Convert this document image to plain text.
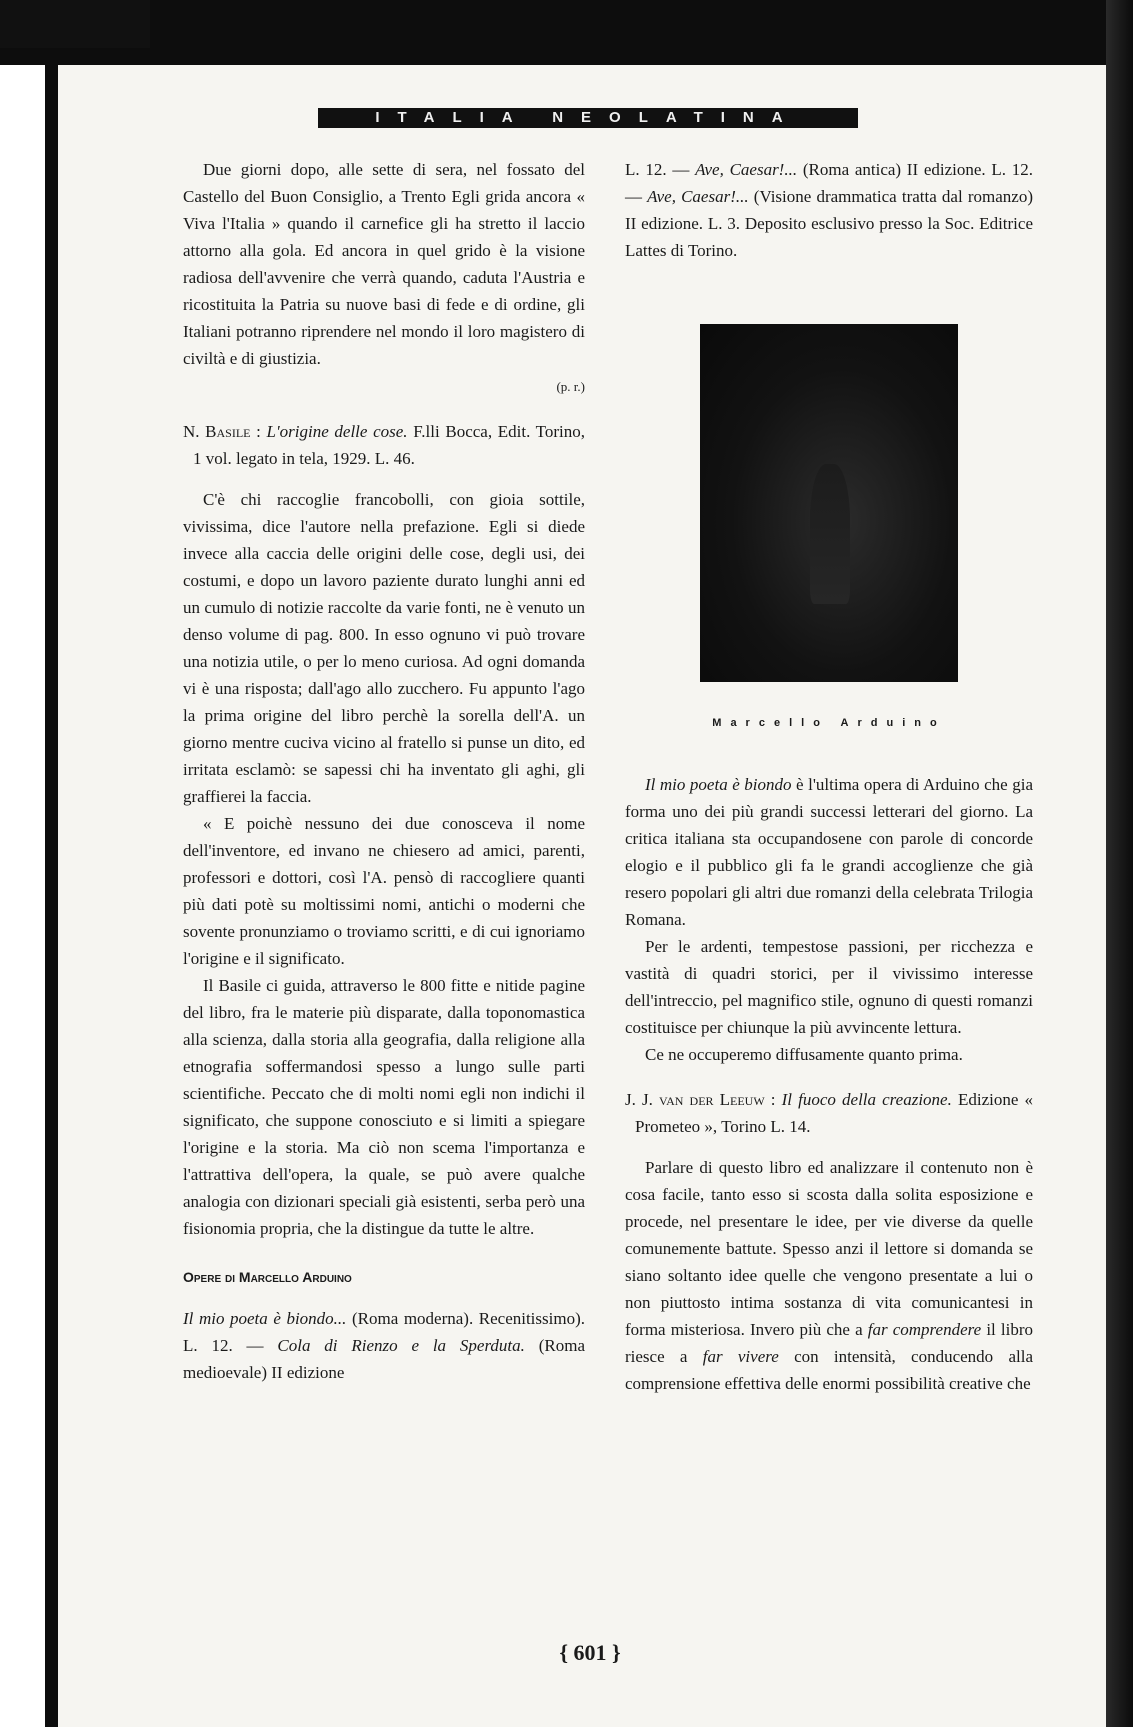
ITALIA NEOLATINA

Due giorni dopo, alle sette di sera, nel fossato del Castello del Buon Consiglio, a Trento Egli grida ancora « Viva l'Italia » quando il carnefice gli ha stretto il laccio attorno alla gola. Ed ancora in quel grido è la visione radiosa dell'avvenire che verrà quando, caduta l'Austria e ricostituita la Patria su nuove basi di fede e di ordine, gli Italiani potranno riprendere nel mondo il loro magistero di civiltà e di giustizia.

(p. r.)

N. Basile : L'origine delle cose. F.lli Bocca, Edit. Torino, 1 vol. legato in tela, 1929. L. 46.

C'è chi raccoglie francobolli, con gioia sottile, vivissima, dice l'autore nella prefazione. Egli si diede invece alla caccia delle origini delle cose, degli usi, dei costumi, e dopo un lavoro paziente durato lunghi anni ed un cumulo di notizie raccolte da varie fonti, ne è venuto un denso volume di pag. 800. In esso ognuno vi può trovare una notizia utile, o per lo meno curiosa. Ad ogni domanda vi è una risposta; dall'ago allo zucchero. Fu appunto l'ago la prima origine del libro perchè la sorella dell'A. un giorno mentre cuciva vicino al fratello si punse un dito, ed irritata esclamò: se sapessi chi ha inventato gli aghi, gli graffierei la faccia.

« E poichè nessuno dei due conosceva il nome dell'inventore, ed invano ne chiesero ad amici, parenti, professori e dottori, così l'A. pensò di raccogliere quanti più dati potè su moltissimi nomi, antichi o moderni che sovente pronunziamo o troviamo scritti, e di cui ignoriamo l'origine e il significato.

Il Basile ci guida, attraverso le 800 fitte e nitide pagine del libro, fra le materie più disparate, dalla toponomastica alla scienza, dalla storia alla geografia, dalla religione alla etnografia soffermandosi spesso a lungo sulle parti scientifiche. Peccato che di molti nomi egli non indichi il significato, che suppone conosciuto e si limiti a spiegare l'origine e la storia. Ma ciò non scema l'importanza e l'attrattiva dell'opera, la quale, se può avere qualche analogia con dizionari speciali già esistenti, serba però una fisionomia propria, che la distingue da tutte le altre.

Opere di Marcello Arduino

Il mio poeta è biondo... (Roma moderna). Recenitissimo). L. 12. — Cola di Rienzo e la Sperduta. (Roma medioevale) II edizione

L. 12. — Ave, Caesar!... (Roma antica) II edizione. L. 12. — Ave, Caesar!... (Visione drammatica tratta dal romanzo) II edizione. L. 3. Deposito esclusivo presso la Soc. Editrice Lattes di Torino.

Marcello Arduino

Il mio poeta è biondo è l'ultima opera di Arduino che gia forma uno dei più grandi successi letterari del giorno. La critica italiana sta occupandosene con parole di concorde elogio e il pubblico gli fa le grandi accoglienze che già resero popolari gli altri due romanzi della celebrata Trilogia Romana.

Per le ardenti, tempestose passioni, per ricchezza e vastità di quadri storici, per il vivissimo interesse dell'intreccio, pel magnifico stile, ognuno di questi romanzi costituisce per chiunque la più avvincente lettura.

Ce ne occuperemo diffusamente quanto prima.

J. J. van der Leeuw : Il fuoco della creazione. Edizione « Prometeo », Torino L. 14.

Parlare di questo libro ed analizzare il contenuto non è cosa facile, tanto esso si scosta dalla solita esposizione e procede, nel presentare le idee, per vie diverse da quelle comunemente battute. Spesso anzi il lettore si domanda se siano soltanto idee quelle che vengono presentate a lui o non piuttosto intima sostanza di vita comunicantesi in forma misteriosa. Invero più che a far comprendere il libro riesce a far vivere con intensità, conducendo alla comprensione effettiva delle enormi possibilità creative che

{ 601 }
